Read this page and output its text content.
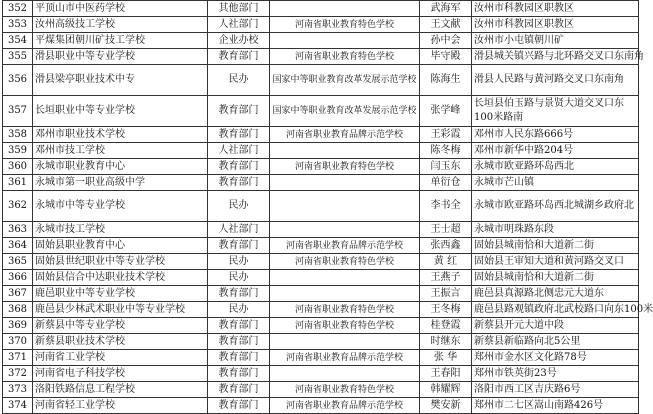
352	平顶山市中医药学校	其他部门		武海军	汝州市科教园区职教区
353	汝州高级技工学校	人社部门	河南省职业教育特色学校	王文献	汝州市科教园区职教区
354	平煤集团朝川矿技工学校	企业办校		孙中会	汝州市小屯镇朝川矿
355	滑县职业中等专业学校	教育部门	河南省职业教育特色学校	毕守殿	滑县城关镇兴路与北环路交叉口东南角
356	滑县梁亭职业技术中专	民办	国家中等职业教育改革发展示范学校	陈海生	滑县人民路与黄河路交叉口东南角
357	长垣职业中等专业学校	教育部门	国家中等职业教育改革发展示范学校	张学峰	长垣县伯玉路与景贤大道交叉口东100米路南
358	邓州市职业技术学校	教育部门	河南省职业教育品牌示范学校	王彩霞	邓州市人民东路666号
359	邓州市技工学校	人社部门		陈冬梅	邓州市新华中路204号
360	永城市职业教育中心	教育部门	河南省职业教育特色学校	闫玉东	永城市欧亚路环岛西北
361	永城市第一职业高级中学	教育部门		单衍仓	永城市芒山镇
362	永城市中等专业学校	民办		李书全	永城市欧亚路环岛西北城湖乡政府北
363	永城市技工学校	人社部门		王士超	永城市明珠路东段
364	固始县职业教育中心	教育部门	河南省职业教育品牌示范学校	张西鑫	固始县城南恰和大道新二街
365	固始县世纪职业中等专业学校	民办	河南省职业教育特色学校	黄 红	固始县王审知大道和黄河路交叉口
366	固始县信合中达职业技术学校	民办		王燕子	固始县城南恰和大道新二街
367	鹿邑职业中等专业学校	教育部门		王振言	鹿邑县真源路北侧忠元大道东
368	鹿邑县少林武术职业中等专业学校	民办	河南省职业教育特色学校	王冬梅	鹿邑县路观镇政府北武校路口向东100米
369	新蔡县中等专业学校	教育部门	河南省职业教育特色学校	桂登霞	新蔡县开元大道中段
370	新蔡县职业技术学校	教育部门		时继东	新蔡县新临路向北5公里
371	河南省工业学校	教育部门	河南省职业教育品牌示范学校	张 华	郑州市金水区文化路78号
372	河南省电子科技学校	教育部门		王春阳	郑州市铁英街23号
373	洛阳铁路信息工程学校	教育部门	河南省职业教育特色学校	韩耀辉	洛阳市西工区吉庆路6号
374	河南省轻工业学校	教育部门	河南省职业教育品牌示范学校	樊安新	郑州市二七区嵩山南路426号
